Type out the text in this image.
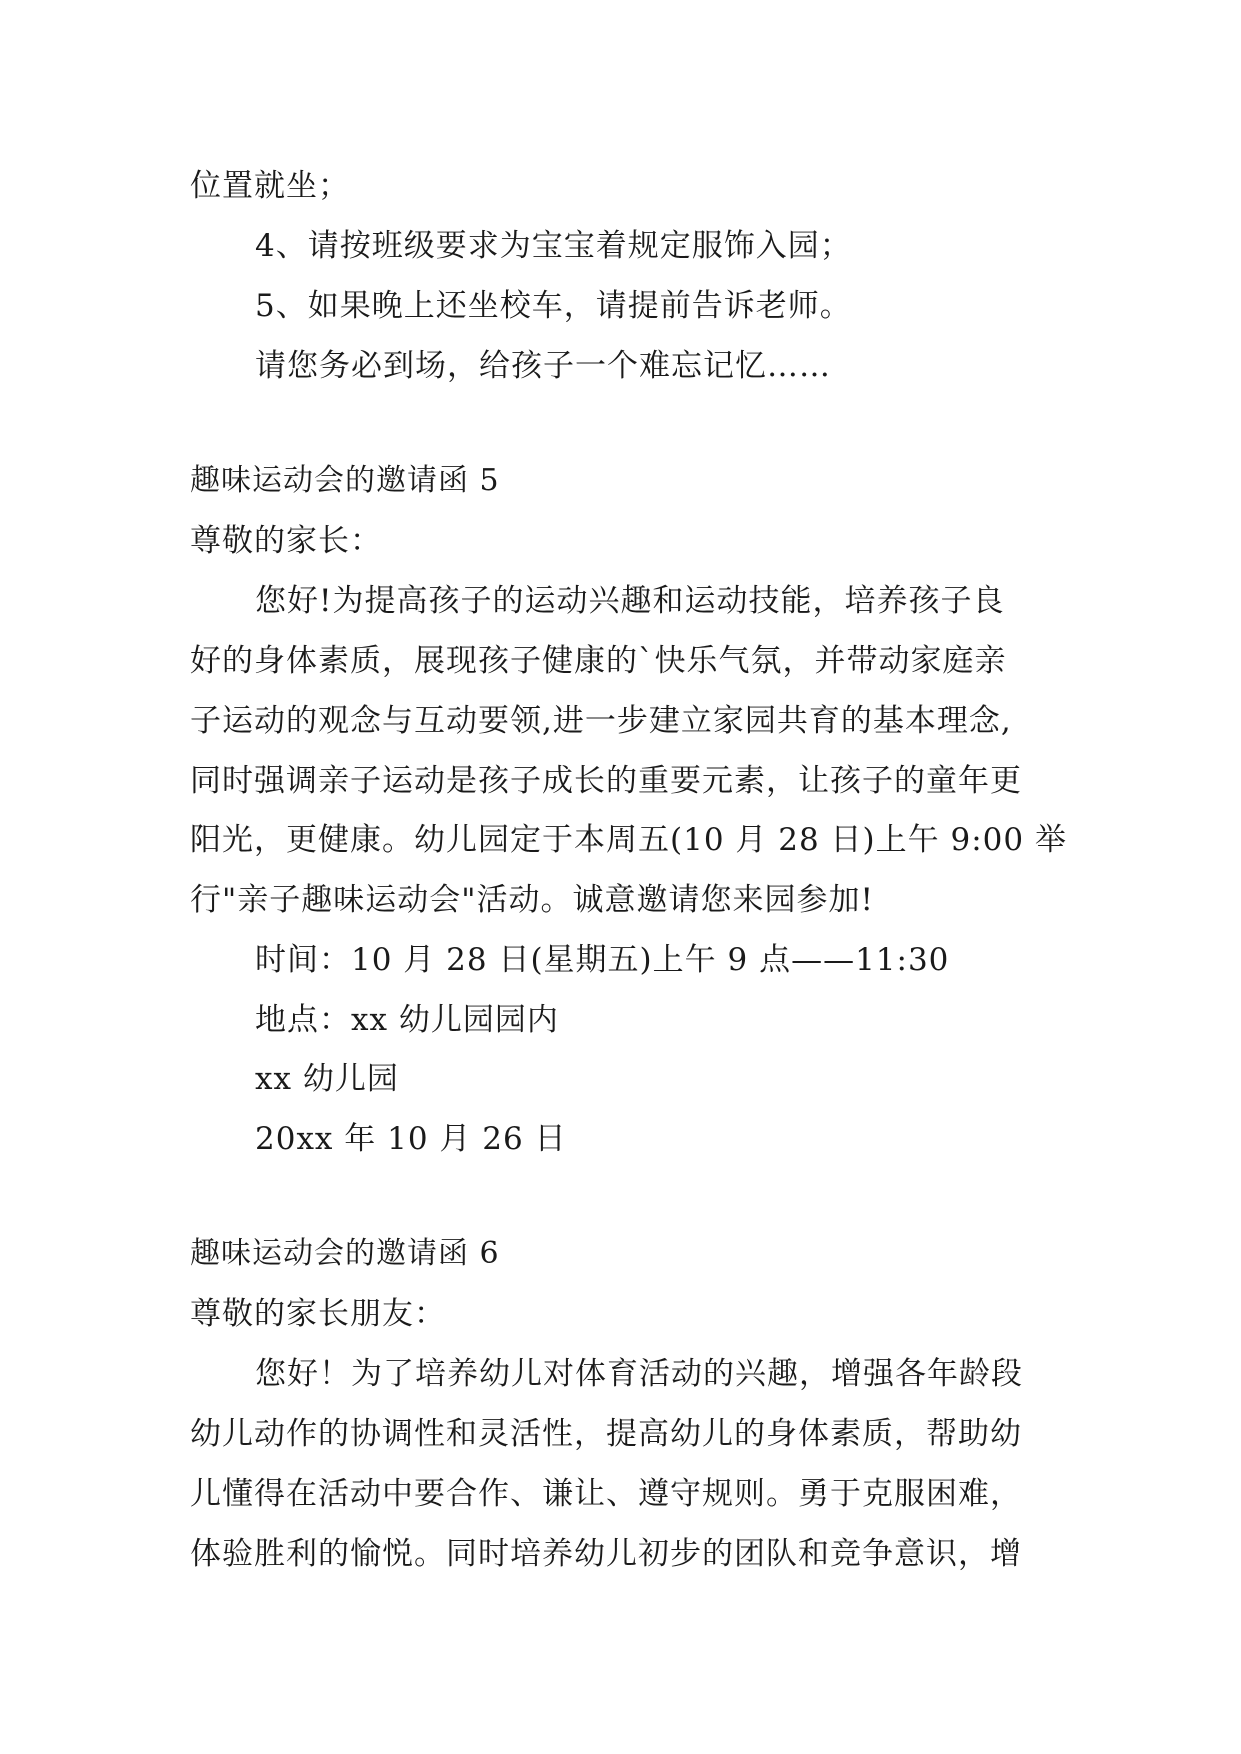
位置就坐；
4、请按班级要求为宝宝着规定服饰入园；
5、如果晚上还坐校车，请提前告诉老师。
请您务必到场，给孩子一个难忘记忆……
趣味运动会的邀请函 5
尊敬的家长：
您好!为提高孩子的运动兴趣和运动技能，培养孩子良
好的身体素质，展现孩子健康的`快乐气氛，并带动家庭亲
子运动的观念与互动要领,进一步建立家园共育的基本理念,
同时强调亲子运动是孩子成长的重要元素，让孩子的童年更
阳光，更健康。幼儿园定于本周五(10 月 28 日)上午 9:00 举
行"亲子趣味运动会"活动。诚意邀请您来园参加!
时间：10 月 28 日(星期五)上午 9 点——11:30
地点：xx 幼儿园园内
xx 幼儿园
20xx 年 10 月 26 日
趣味运动会的邀请函 6
尊敬的家长朋友：
您好！为了培养幼儿对体育活动的兴趣，增强各年龄段
幼儿动作的协调性和灵活性，提高幼儿的身体素质，帮助幼
儿懂得在活动中要合作、谦让、遵守规则。勇于克服困难，
体验胜利的愉悦。同时培养幼儿初步的团队和竞争意识，增
